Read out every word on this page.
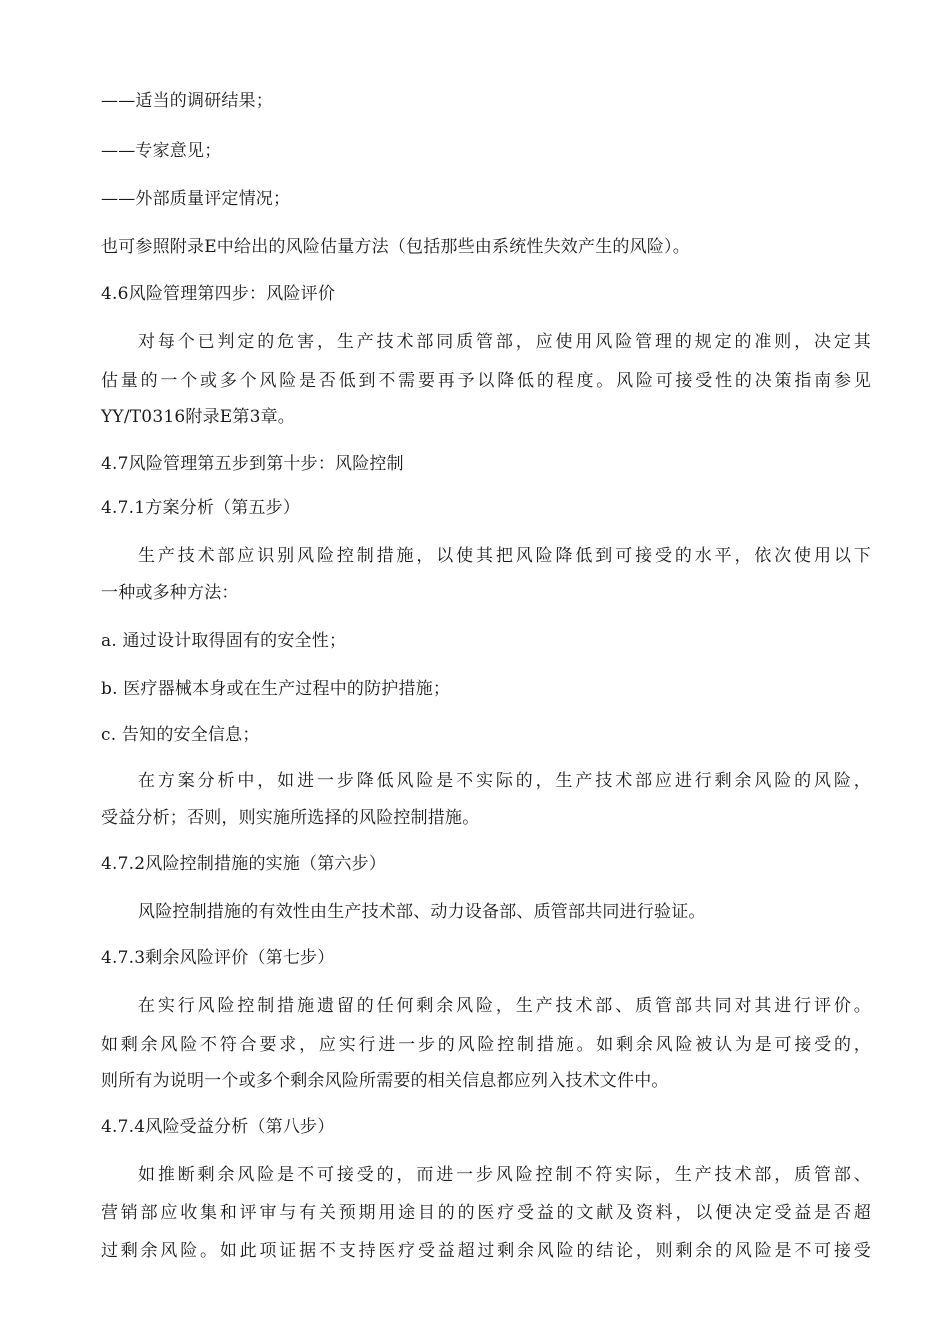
——适当的调研结果；
——专家意见；
——外部质量评定情况；
也可参照附录E中给出的风险估量方法（包括那些由系统性失效产生的风险）。
4.6风险管理第四步：风险评价
对每个已判定的危害，生产技术部同质管部，应使用风险管理的规定的准则，决定其
估量的一个或多个风险是否低到不需要再予以降低的程度。风险可接受性的决策指南参见
YY/T0316附录E第3章。
4.7风险管理第五步到第十步：风险控制
4.7.1方案分析（第五步）
生产技术部应识别风险控制措施，以使其把风险降低到可接受的水平，依次使用以下
一种或多种方法：
a. 通过设计取得固有的安全性；
b. 医疗器械本身或在生产过程中的防护措施；
c. 告知的安全信息；
在方案分析中，如进一步降低风险是不实际的，生产技术部应进行剩余风险的风险，
受益分析；否则，则实施所选择的风险控制措施。
4.7.2风险控制措施的实施（第六步）
风险控制措施的有效性由生产技术部、动力设备部、质管部共同进行验证。
4.7.3剩余风险评价（第七步）
在实行风险控制措施遗留的任何剩余风险，生产技术部、质管部共同对其进行评价。
如剩余风险不符合要求，应实行进一步的风险控制措施。如剩余风险被认为是可接受的，
则所有为说明一个或多个剩余风险所需要的相关信息都应列入技术文件中。
4.7.4风险受益分析（第八步）
如推断剩余风险是不可接受的，而进一步风险控制不符实际，生产技术部，质管部、
营销部应收集和评审与有关预期用途目的的医疗受益的文献及资料，以便决定受益是否超
过剩余风险。如此项证据不支持医疗受益超过剩余风险的结论，则剩余的风险是不可接受
